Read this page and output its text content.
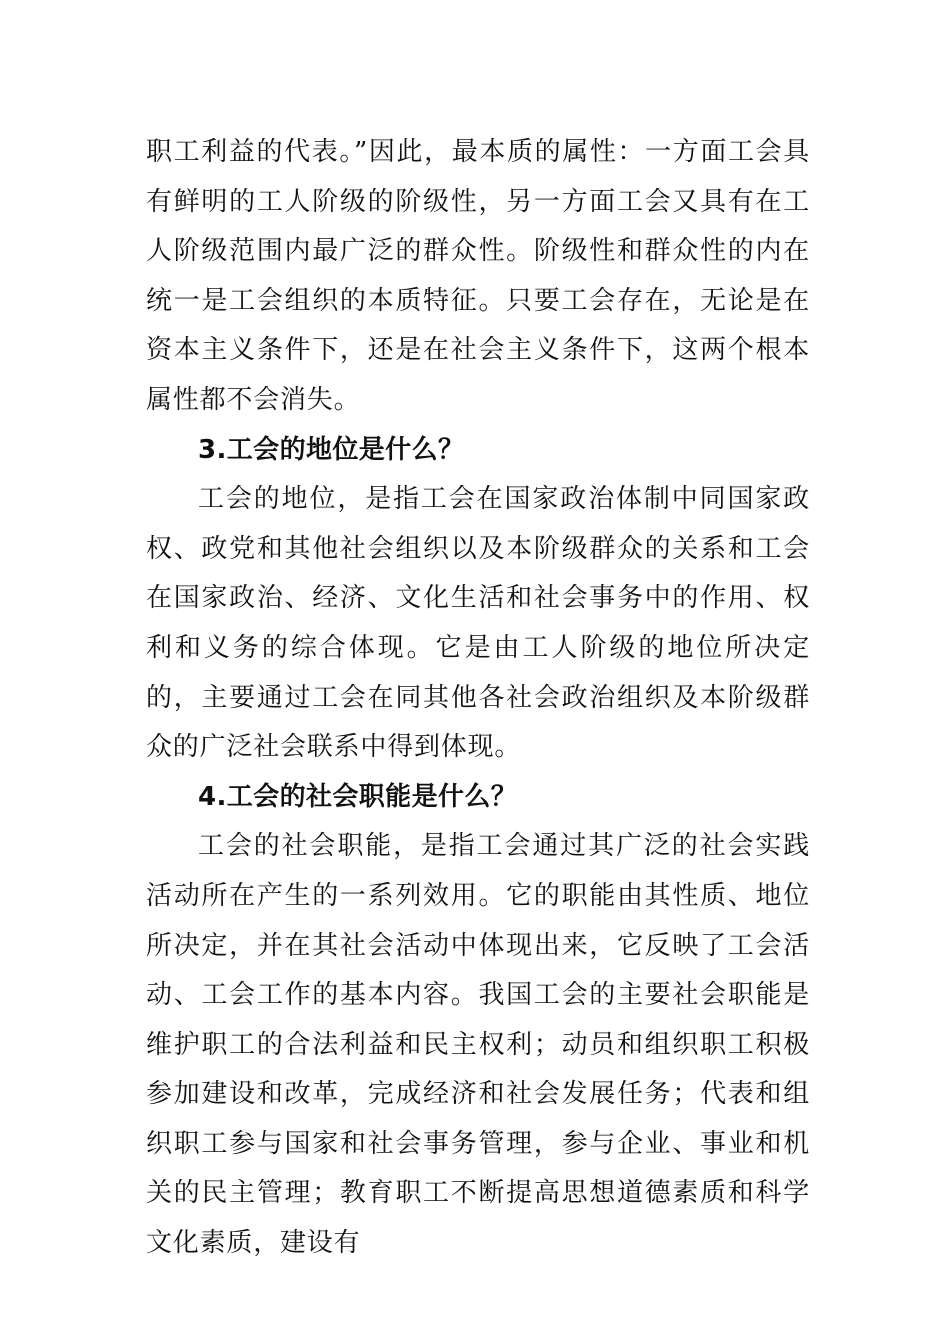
职工利益的代表。”因此，最本质的属性：一方面工会具有鲜明的工人阶级的阶级性，另一方面工会又具有在工人阶级范围内最广泛的群众性。阶级性和群众性的内在统一是工会组织的本质特征。只要工会存在，无论是在资本主义条件下，还是在社会主义条件下，这两个根本属性都不会消失。

3.工会的地位是什么？

工会的地位，是指工会在国家政治体制中同国家政权、政党和其他社会组织以及本阶级群众的关系和工会在国家政治、经济、文化生活和社会事务中的作用、权利和义务的综合体现。它是由工人阶级的地位所决定的，主要通过工会在同其他各社会政治组织及本阶级群众的广泛社会联系中得到体现。

4.工会的社会职能是什么？

工会的社会职能，是指工会通过其广泛的社会实践活动所在产生的一系列效用。它的职能由其性质、地位所决定，并在其社会活动中体现出来，它反映了工会活动、工会工作的基本内容。我国工会的主要社会职能是维护职工的合法利益和民主权利；动员和组织职工积极参加建设和改革，完成经济和社会发展任务；代表和组织职工参与国家和社会事务管理，参与企业、事业和机关的民主管理；教育职工不断提高思想道德素质和科学文化素质，建设有
